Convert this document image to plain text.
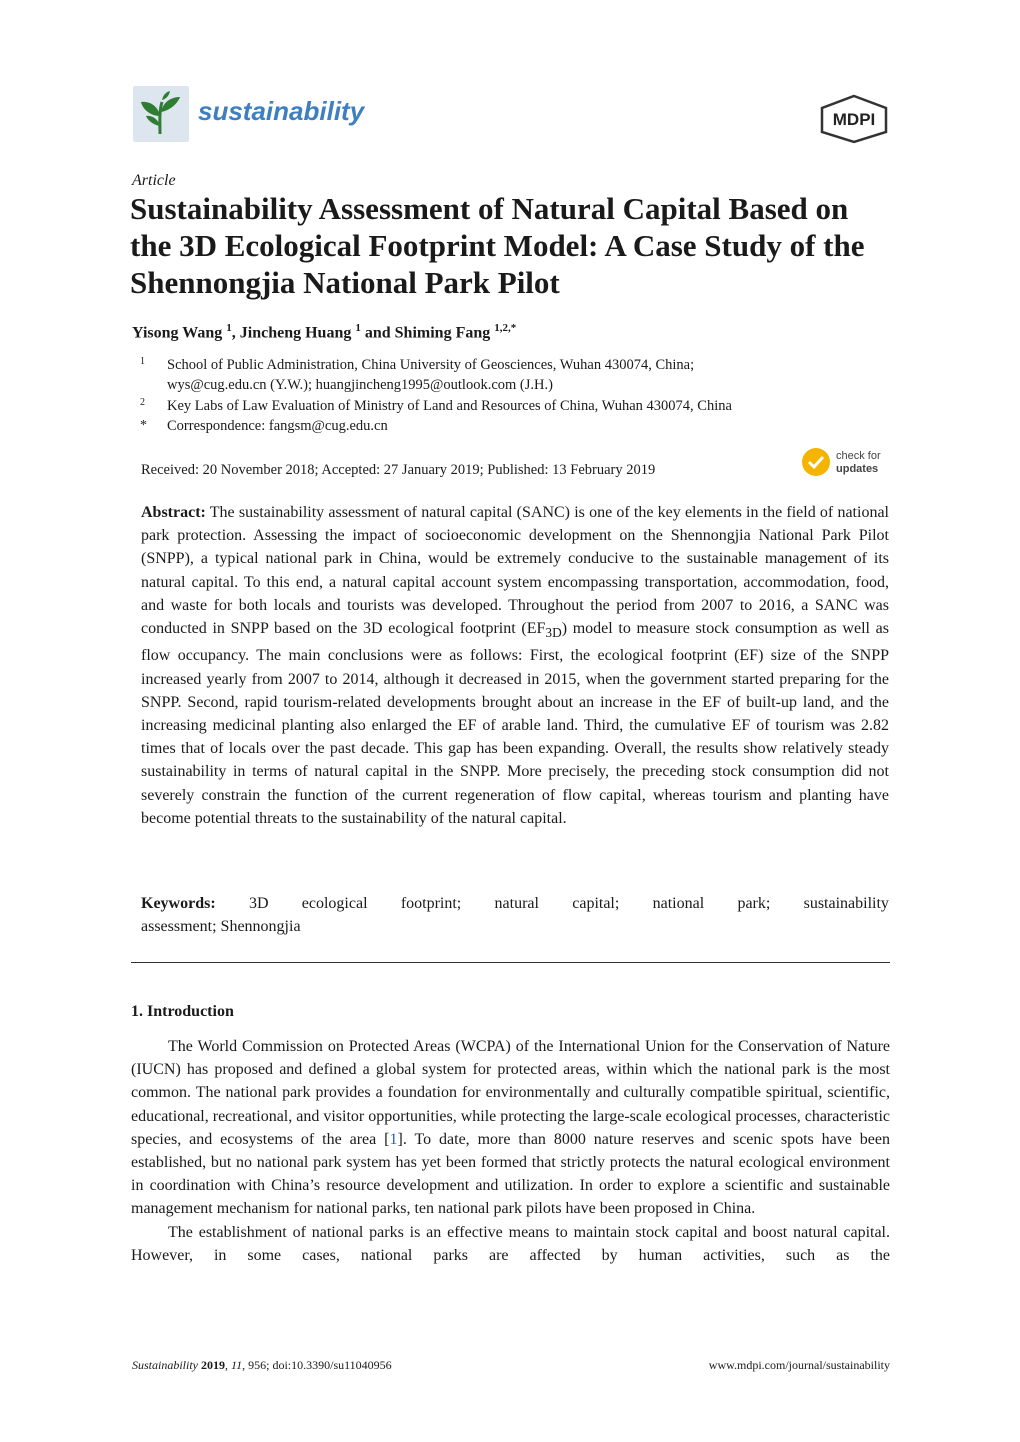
sustainability	MDPI
Article
Sustainability Assessment of Natural Capital Based on the 3D Ecological Footprint Model: A Case Study of the Shennongjia National Park Pilot
Yisong Wang $^1$, Jincheng Huang $^1$ and Shiming Fang $^{1,2,*}$
1 School of Public Administration, China University of Geosciences, Wuhan 430074, China;
wys@cug.edu.cn (Y.W.); huangjincheng1995@outlook.com (J.H.)
2 Key Labs of Law Evaluation of Ministry of Land and Resources of China, Wuhan 430074, China
* Correspondence: fangsm@cug.edu.cn
Received: 20 November 2018; Accepted: 27 January 2019; Published: 13 February 2019
check for
updates
Abstract: The sustainability assessment of natural capital (SANC) is one of the key elements in the field of national park protection. Assessing the impact of socioeconomic development on the Shennongjia National Park Pilot (SNPP), a typical national park in China, would be extremely conducive to the sustainable management of its natural capital. To this end, a natural capital account system encompassing transportation, accommodation, food, and waste for both locals and tourists was developed. Throughout the period from 2007 to 2016, a SANC was conducted in SNPP based on the 3D ecological footprint $(EF_{3D})$ model to measure stock consumption as well as flow occupancy. The main conclusions were as follows: First, the ecological footprint (EF) size of the SNPP increased yearly from 2007 to 2014, although it decreased in 2015, when the government started preparing for the SNPP. Second, rapid tourism-related developments brought about an increase in the EF of built-up land, and the increasing medicinal planting also enlarged the EF of arable land. Third, the cumulative EF of tourism was 2.82 times that of locals over the past decade. This gap has been expanding. Overall, the results show relatively steady sustainability in terms of natural capital in the SNPP. More precisely, the preceding stock consumption did not severely constrain the function of the current regeneration of flow capital, whereas tourism and planting have become potential threats to the sustainability of the natural capital.
Keywords: 3D ecological footprint; natural capital; national park; sustainability
assessment; Shennongjia
1. Introduction

The World Commission on Protected Areas (WCPA) of the International Union for the Conservation of Nature (IUCN) has proposed and defined a global system for protected areas, within which the national park is the most common. The national park provides a foundation for environmentally and culturally compatible spiritual, scientific, educational, recreational, and visitor opportunities, while protecting the large-scale ecological processes, characteristic species, and ecosystems of the area [1]. To date, more than 8000 nature reserves and scenic spots have been established, but no national park system has yet been formed that strictly protects the natural ecological environment in coordination with China’s resource development and utilization. In order to explore a scientific and sustainable management mechanism for national parks, ten national park pilots have been proposed in China.

The establishment of national parks is an effective means to maintain stock capital and boost natural capital. However, in some cases, national parks are affected by human activities, such as the

Sustainability 2019, 11, 956; doi:10.3390/su11040956	www.mdpi.com/journal/sustainability
